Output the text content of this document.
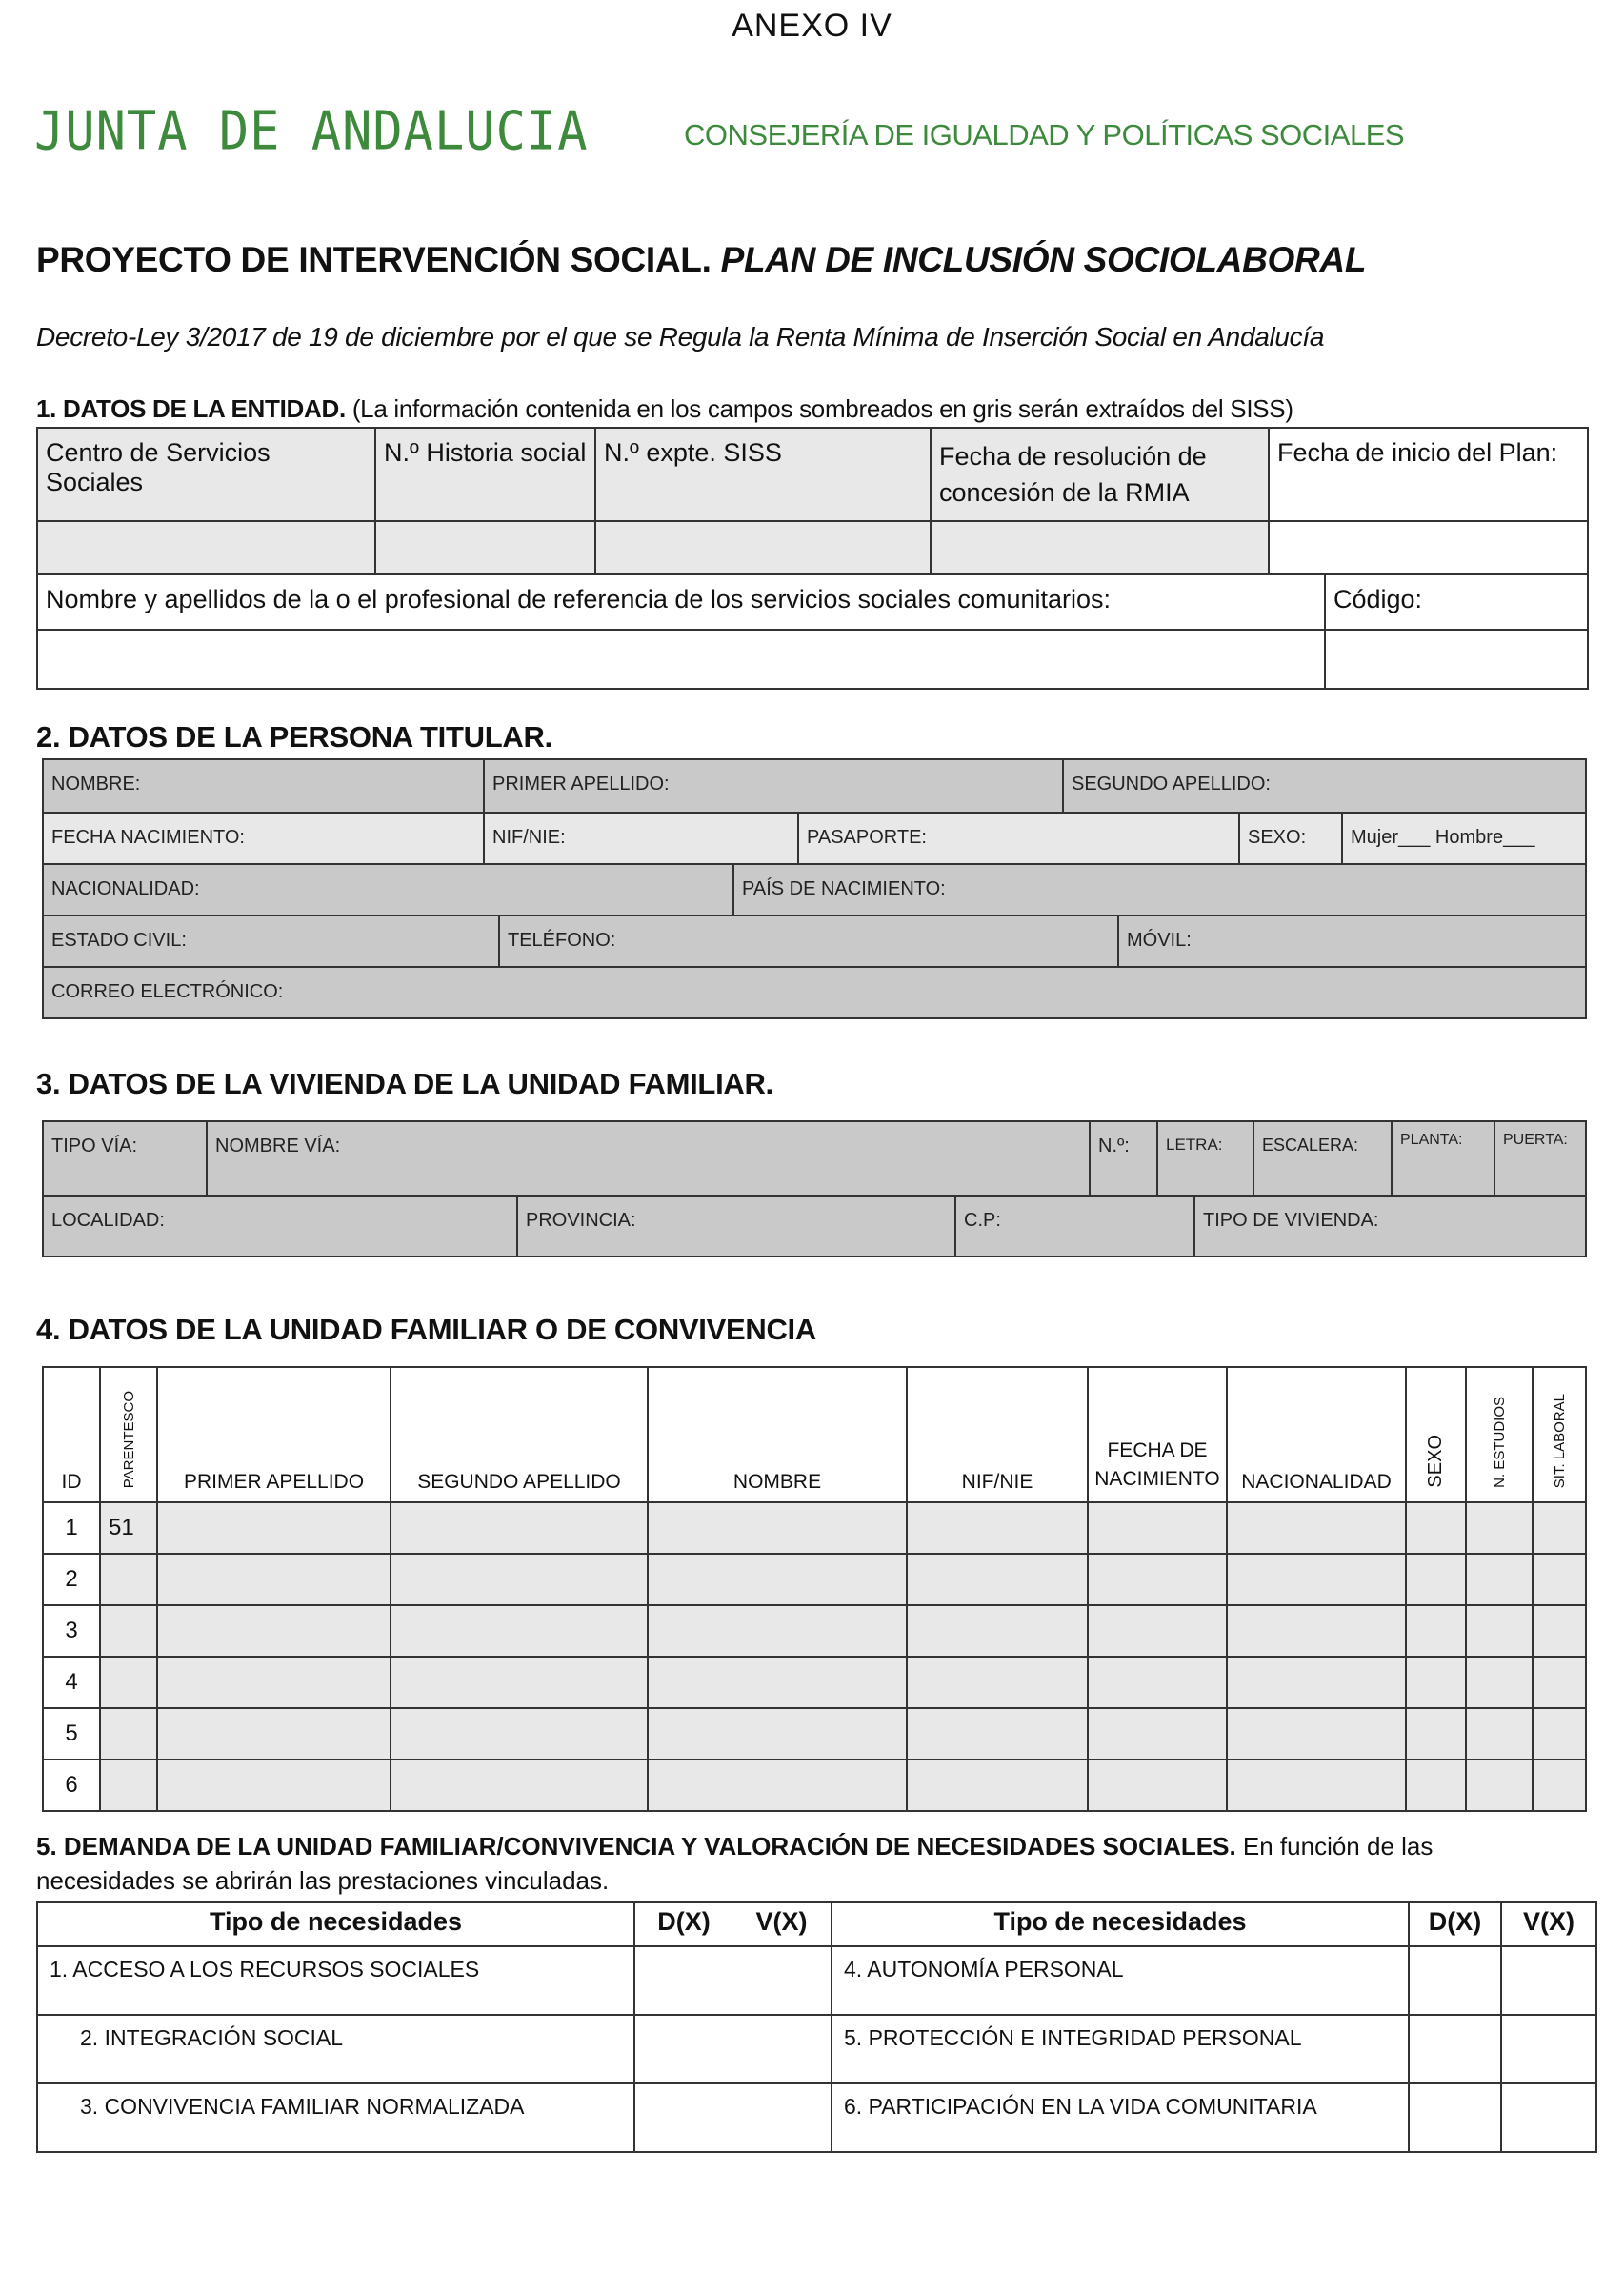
ANEXO IV
JUNTA DE ANDALUCIA	CONSEJERÍA DE IGUALDAD Y POLÍTICAS SOCIALES
PROYECTO DE INTERVENCIÓN SOCIAL. PLAN DE INCLUSIÓN SOCIOLABORAL
Decreto-Ley 3/2017 de 19 de diciembre por el que se Regula la Renta Mínima de Inserción Social en Andalucía
1. DATOS DE LA ENTIDAD. (La información contenida en los campos sombreados en gris serán extraídos del SISS)
Centro de Servicios Sociales	N.º Historia social	N.º expte. SISS	Fecha de resolución de concesión de la RMIA	Fecha de inicio del Plan:

Nombre y apellidos de la o el profesional de referencia de los servicios sociales comunitarios:	Código:

2. DATOS DE LA PERSONA TITULAR.
NOMBRE:	PRIMER APELLIDO:	SEGUNDO APELLIDO:
FECHA NACIMIENTO:	NIF/NIE:	PASAPORTE:	SEXO:	Mujer___ Hombre___
NACIONALIDAD:	PAÍS DE NACIMIENTO:
ESTADO CIVIL:	TELÉFONO:	MÓVIL:
CORREO ELECTRÓNICO:
3. DATOS DE LA VIVIENDA DE LA UNIDAD FAMILIAR.
TIPO VÍA:	NOMBRE VÍA:	N.º:	LETRA:	ESCALERA:	PLANTA:	PUERTA:
LOCALIDAD:	PROVINCIA:	C.P:	TIPO DE VIVIENDA:
4. DATOS DE LA UNIDAD FAMILIAR O DE CONVIVENCIA
ID	PARENTESCO	PRIMER APELLIDO	SEGUNDO APELLIDO	NOMBRE	NIF/NIE	FECHA DE NACIMIENTO	NACIONALIDAD	SEXO	N. ESTUDIOS	SIT. LABORAL
1	51									
2										
3										
4										
5										
6										
5. DEMANDA DE LA UNIDAD FAMILIAR/CONVIVENCIA Y VALORACIÓN DE NECESIDADES SOCIALES. En función de las necesidades se abrirán las prestaciones vinculadas.
Tipo de necesidades	D(X)	V(X)	Tipo de necesidades	D(X)	V(X)
1. ACCESO A LOS RECURSOS SOCIALES			4. AUTONOMÍA PERSONAL		
2. INTEGRACIÓN SOCIAL			5. PROTECCIÓN E INTEGRIDAD PERSONAL		
3. CONVIVENCIA FAMILIAR NORMALIZADA			6. PARTICIPACIÓN EN LA VIDA COMUNITARIA		
